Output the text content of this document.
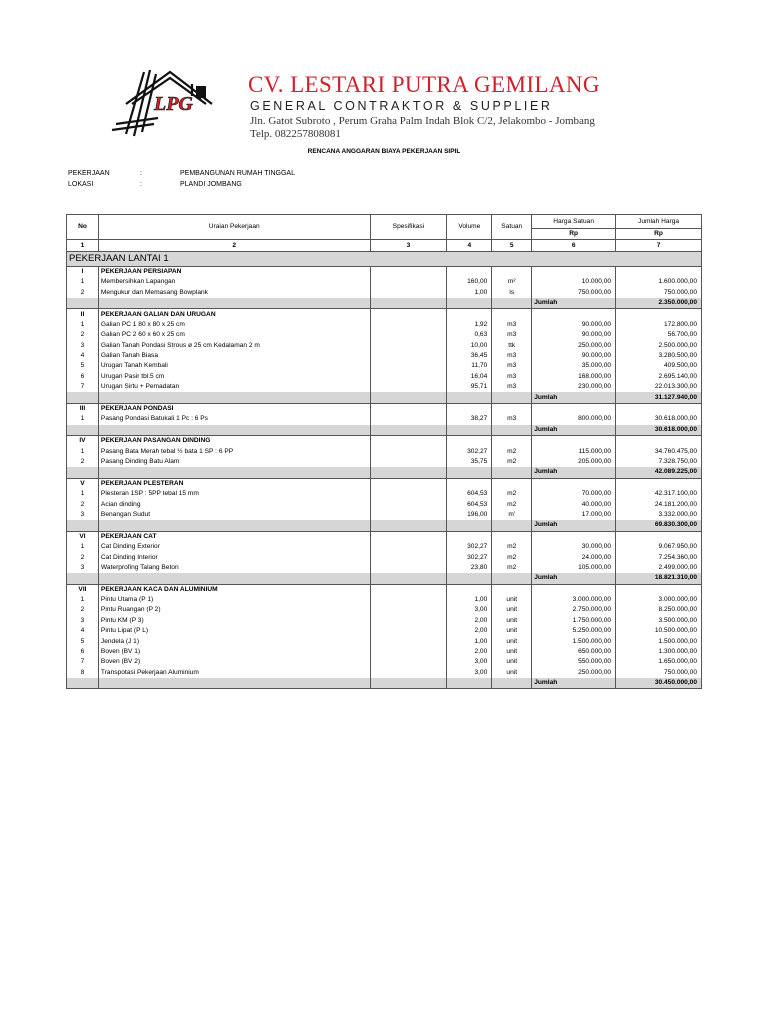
LPG
CV. LESTARI PUTRA GEMILANG
GENERAL CONTRAKTOR & SUPPLIER
Jln. Gatot Subroto , Perum Graha Palm Indah Blok C/2, Jelakombo - Jombang
Telp. 082257808081
RENCANA ANGGARAN BIAYA PEKERJAAN SIPIL
PEKERJAAN	:	PEMBANGUNAN RUMAH TINGGAL
LOKASI	:	PLANDI JOMBANG
No	Uraian Pekerjaan	Spesifikasi	Volume	Satuan	Harga Satuan	Jumlah Harga
					Rp	Rp
1	2	3	4	5	6	7
PEKERJAAN LANTAI 1						
I	PEKERJAAN PERSIAPAN					
1	Membersihkan Lapangan		160,00	m²	10.000,00	1.600.000,00
2	Mengukur dan Memasang Bowplank		1,00	ls	750.000,00	750.000,00
					Jumlah	2.350.000,00
II	PEKERJAAN GALIAN DAN URUGAN					
1	Galian PC 1 80 x 80 x 25 cm		1,92	m3	90.000,00	172.800,00
2	Galian PC 2 60 x 60 x 25 cm		0,63	m3	90.000,00	56.700,00
3	Galian Tanah Pondasi Strous ø 25 cm Kedalaman 2 m		10,00	ttk	250.000,00	2.500.000,00
4	Galian Tanah Biasa		36,45	m3	90.000,00	3.280.500,00
5	Urugan Tanah Kembali		11,70	m3	35.000,00	409.500,00
6	Urugan Pasir tbl.5 cm		16,04	m3	168.000,00	2.695.140,00
7	Urugan Sirtu + Pemadatan		95,71	m3	230.000,00	22.013.300,00
					Jumlah	31.127.940,00
III	PEKERJAAN PONDASI					
1	Pasang Pondasi Batukali 1 Pc : 6 Ps		38,27	m3	800.000,00	30.618.000,00
					Jumlah	30.618.000,00
IV	PEKERJAAN PASANGAN DINDING					
1	Pasang Bata Merah tebal ½ bata 1 SP : 6 PP		302,27	m2	115.000,00	34.760.475,00
2	Pasang Dinding Batu Alam		35,75	m2	205.000,00	7.328.750,00
					Jumlah	42.089.225,00
V	PEKERJAAN PLESTERAN					
1	Plesteran 1SP : 5PP tebal 15 mm		604,53	m2	70.000,00	42.317.100,00
2	Acian dinding		604,53	m2	40.000,00	24.181.200,00
3	Benangan Sudut		196,00	m'	17.000,00	3.332.000,00
					Jumlah	69.830.300,00
VI	PEKERJAAN CAT					
1	Cat Dinding Exterior		302,27	m2	30.000,00	9.067.950,00
2	Cat Dinding Interior		302,27	m2	24.000,00	7.254.360,00
3	Waterprofing Talang Beton		23,80	m2	105.000,00	2.499.000,00
					Jumlah	18.821.310,00
VII	PEKERJAAN KACA DAN ALUMINIUM					
1	Pintu Utama (P 1)		1,00	unit	3.000.000,00	3.000.000,00
2	Pintu Ruangan (P 2)		3,00	unit	2.750.000,00	8.250.000,00
3	Pintu KM (P 3)		2,00	unit	1.750.000,00	3.500.000,00
4	Pintu Lipat (P L)		2,00	unit	5.250.000,00	10.500.000,00
5	Jendela (J 1)		1,00	unit	1.500.000,00	1.500.000,00
6	Boven (BV 1)		2,00	unit	650.000,00	1.300.000,00
7	Boven (BV 2)		3,00	unit	550.000,00	1.650.000,00
8	Transpotasi Pekerjaan Aluminium		3,00	unit	250.000,00	750.000,00
					Jumlah	30.450.000,00
